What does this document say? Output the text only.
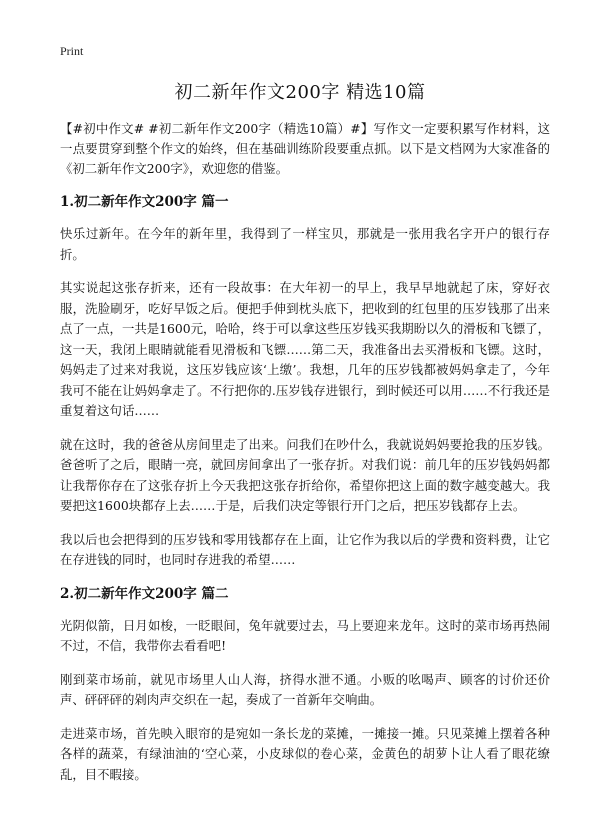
Print
初二新年作文200字 精选10篇

【#初中作文# #初二新年作文200字（精选10篇）#】写作文一定要积累写作材料，这一点要贯穿到整个作文的始终，但在基础训练阶段要重点抓。以下是文档网为大家准备的《初二新年作文200字》，欢迎您的借鉴。

1.初二新年作文200字 篇一

快乐过新年。在今年的新年里，我得到了一样宝贝，那就是一张用我名字开户的银行存折。

其实说起这张存折来，还有一段故事：在大年初一的早上，我早早地就起了床，穿好衣服，洗脸刷牙，吃好早饭之后。便把手伸到枕头底下，把收到的红包里的压岁钱那了出来点了一点，一共是1600元，哈哈，终于可以拿这些压岁钱买我期盼以久的滑板和飞镖了，这一天，我闭上眼睛就能看见滑板和飞镖……第二天，我准备出去买滑板和飞镖。这时，妈妈走了过来对我说，这压岁钱应该‘上缴’。我想，几年的压岁钱都被妈妈拿走了，今年我可不能在让妈妈拿走了。不行把你的.压岁钱存进银行，到时候还可以用……不行我还是重复着这句话……

就在这时，我的爸爸从房间里走了出来。问我们在吵什么，我就说妈妈要抢我的压岁钱。爸爸听了之后，眼睛一亮，就回房间拿出了一张存折。对我们说：前几年的压岁钱妈妈都让我帮你存在了这张存折上今天我把这张存折给你，希望你把这上面的数字越变越大。我要把这1600块都存上去……于是，后我们决定等银行开门之后，把压岁钱都存上去。

我以后也会把得到的压岁钱和零用钱都存在上面，让它作为我以后的学费和资料费，让它在存进钱的同时，也同时存进我的希望……

2.初二新年作文200字 篇二

光阴似箭，日月如梭，一眨眼间，兔年就要过去，马上要迎来龙年。这时的菜市场再热闹不过，不信，我带你去看看吧!

刚到菜市场前，就见市场里人山人海，挤得水泄不通。小贩的吆喝声、顾客的讨价还价声、砰砰砰的剁肉声交织在一起，奏成了一首新年交响曲。

走进菜市场，首先映入眼帘的是宛如一条长龙的菜摊，一摊接一摊。只见菜摊上摆着各种各样的蔬菜，有绿油油的‘空心菜，小皮球似的卷心菜，金黄色的胡萝卜让人看了眼花缭乱，目不暇接。
